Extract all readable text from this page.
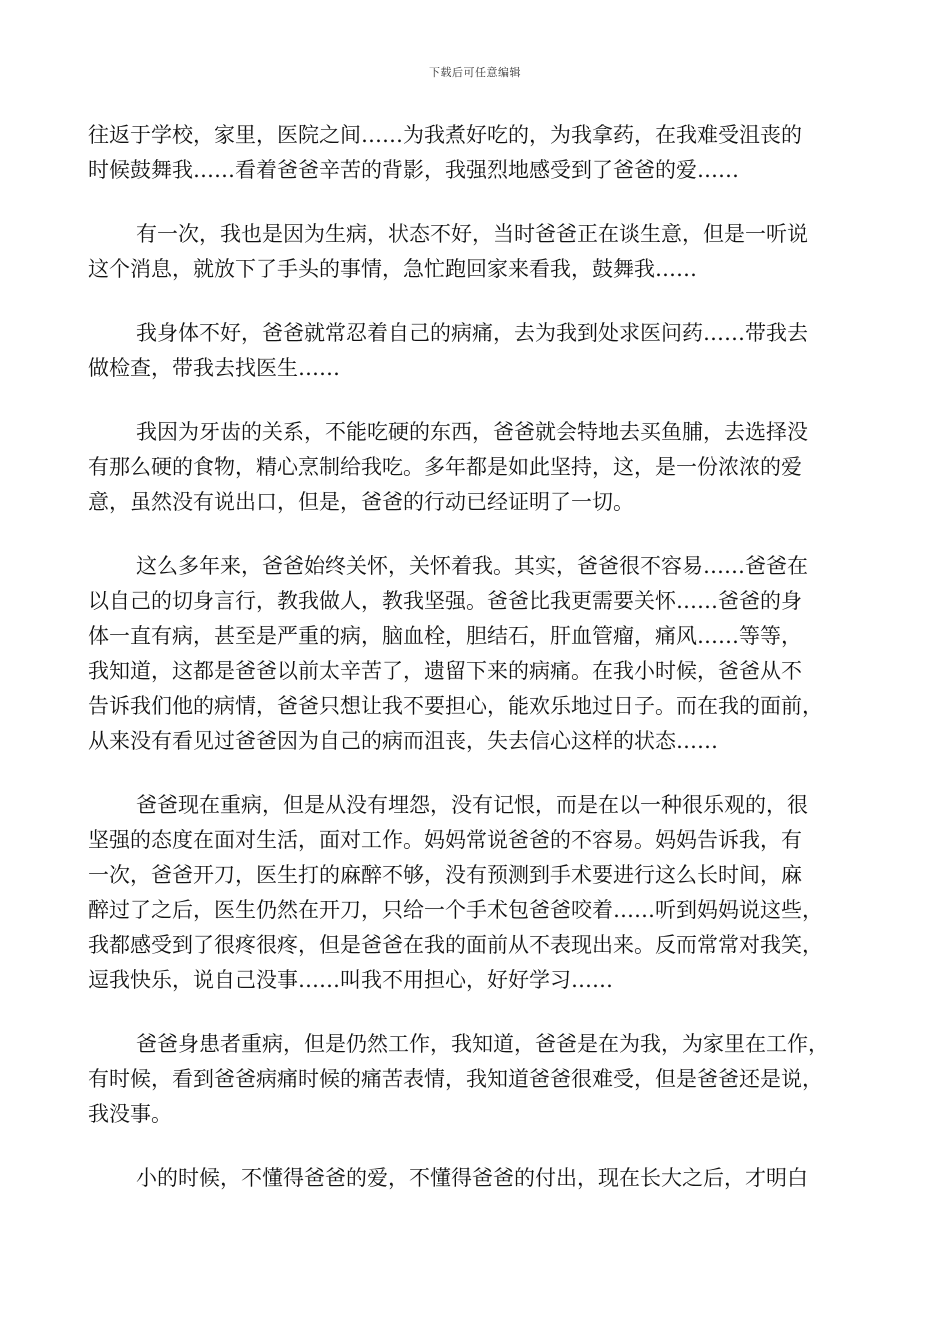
下载后可任意编辑

往返于学校，家里，医院之间……为我煮好吃的，为我拿药，在我难受沮丧的
时候鼓舞我……看着爸爸辛苦的背影，我强烈地感受到了爸爸的爱……

有一次，我也是因为生病，状态不好，当时爸爸正在谈生意，但是一听说
这个消息，就放下了手头的事情，急忙跑回家来看我，鼓舞我……

我身体不好，爸爸就常忍着自己的病痛，去为我到处求医问药……带我去
做检查，带我去找医生……

我因为牙齿的关系，不能吃硬的东西，爸爸就会特地去买鱼脯，去选择没
有那么硬的食物，精心烹制给我吃。多年都是如此坚持，这，是一份浓浓的爱
意，虽然没有说出口，但是，爸爸的行动已经证明了一切。

这么多年来，爸爸始终关怀，关怀着我。其实，爸爸很不容易……爸爸在
以自己的切身言行，教我做人，教我坚强。爸爸比我更需要关怀……爸爸的身
体一直有病，甚至是严重的病，脑血栓，胆结石，肝血管瘤，痛风……等等，
我知道，这都是爸爸以前太辛苦了，遗留下来的病痛。在我小时候，爸爸从不
告诉我们他的病情，爸爸只想让我不要担心，能欢乐地过日子。而在我的面前，
从来没有看见过爸爸因为自己的病而沮丧，失去信心这样的状态……

爸爸现在重病，但是从没有埋怨，没有记恨，而是在以一种很乐观的，很
坚强的态度在面对生活，面对工作。妈妈常说爸爸的不容易。妈妈告诉我，有
一次，爸爸开刀，医生打的麻醉不够，没有预测到手术要进行这么长时间，麻
醉过了之后，医生仍然在开刀，只给一个手术包爸爸咬着……听到妈妈说这些，
我都感受到了很疼很疼，但是爸爸在我的面前从不表现出来。反而常常对我笑，
逗我快乐，说自己没事……叫我不用担心，好好学习……

爸爸身患者重病，但是仍然工作，我知道，爸爸是在为我，为家里在工作，
有时候，看到爸爸病痛时候的痛苦表情，我知道爸爸很难受，但是爸爸还是说，
我没事。

小的时候，不懂得爸爸的爱，不懂得爸爸的付出，现在长大之后，才明白
